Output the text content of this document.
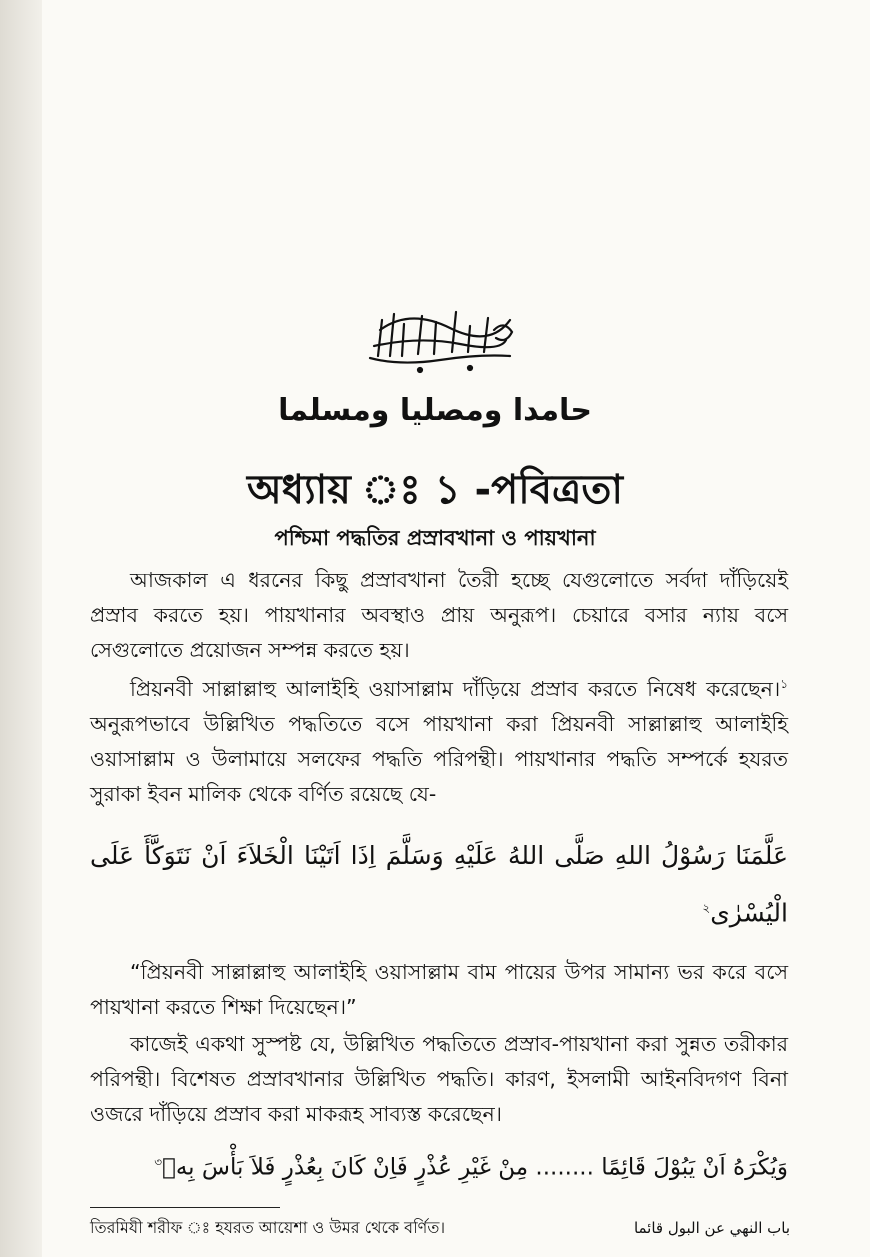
حامدا ومصليا ومسلما
অধ্যায় ঃ ১ -পবিত্রতা
পশ্চিমা পদ্ধতির প্রস্রাবখানা ও পায়খানা
আজকাল এ ধরনের কিছু প্রস্রাবখানা তৈরী হচ্ছে যেগুলোতে সর্বদা দাঁড়িয়েই প্রস্রাব করতে হয়। পায়খানার অবস্থাও প্রায় অনুরূপ। চেয়ারে বসার ন্যায় বসে সেগুলোতে প্রয়োজন সম্পন্ন করতে হয়।
প্রিয়নবী সাল্লাল্লাহু আলাইহি ওয়াসাল্লাম দাঁড়িয়ে প্রস্রাব করতে নিষেধ করেছেন।$^১$ অনুরূপভাবে উল্লিখিত পদ্ধতিতে বসে পায়খানা করা প্রিয়নবী সাল্লাল্লাহু আলাইহি ওয়াসাল্লাম ও উলামায়ে সলফের পদ্ধতি পরিপন্থী। পায়খানার পদ্ধতি সম্পর্কে হযরত সুরাকা ইবন মালিক থেকে বর্ণিত রয়েছে যে-
عَلَّمَنَا رَسُوْلُ اللهِ صَلَّى اللهُ عَلَيْهِ وَسَلَّمَ اِذَا اَتَيْنَا الْخَلاَءَ اَنْ نَتَوَكَّأَ عَلَى الْيُسْرٰى$^২$
“প্রিয়নবী সাল্লাল্লাহু আলাইহি ওয়াসাল্লাম বাম পায়ের উপর সামান্য ভর করে বসে পায়খানা করতে শিক্ষা দিয়েছেন।”
কাজেই একথা সুস্পষ্ট যে, উল্লিখিত পদ্ধতিতে প্রস্রাব-পায়খানা করা সুন্নত তরীকার পরিপন্থী। বিশেষত প্রস্রাবখানার উল্লিখিত পদ্ধতি। কারণ, ইসলামী আইনবিদগণ বিনা ওজরে দাঁড়িয়ে প্রস্রাব করা মাকরূহ সাব্যস্ত করেছেন।
وَيُكْرَهُ اَنْ يَبُوْلَ قَائِمًا ........ مِنْ غَيْرِ عُذْرٍ فَاِنْ كَانَ بِعُذْرٍ فَلاَ بَأْسَ بِهٖ$^৩$
باب النهي عن البول قائما
তিরমিযী শরীফ ঃ হযরত আয়েশা ও উমর থেকে বর্ণিত।
